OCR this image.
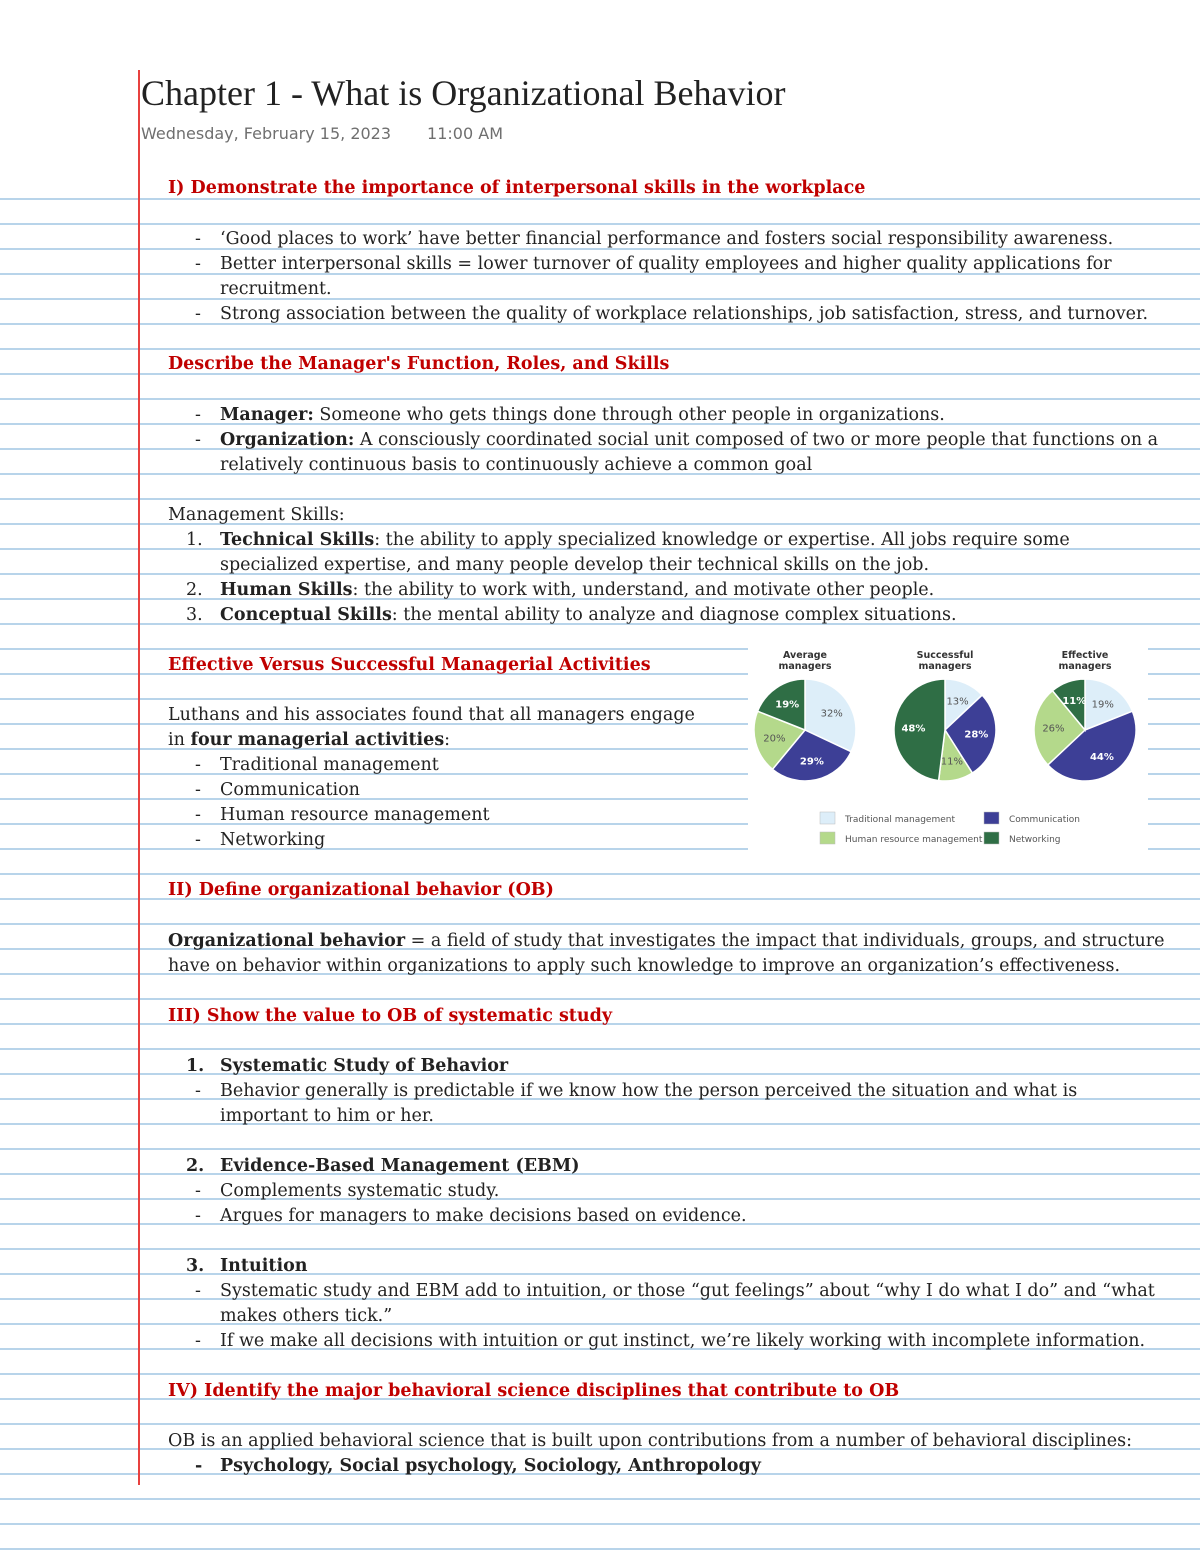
Chapter 1 - What is Organizational Behavior
Wednesday, February 15, 2023 11:00 AM
I) Demonstrate the importance of interpersonal skills in the workplace
- ‘Good places to work’ have better financial performance and fosters social responsibility awareness.
- Better interpersonal skills = lower turnover of quality employees and higher quality applications for
recruitment.
- Strong association between the quality of workplace relationships, job satisfaction, stress, and turnover.
Describe the Manager's Function, Roles, and Skills
- Manager: Someone who gets things done through other people in organizations.
- Organization: A consciously coordinated social unit composed of two or more people that functions on a
relatively continuous basis to continuously achieve a common goal
Management Skills:
1. Technical Skills: the ability to apply specialized knowledge or expertise. All jobs require some
specialized expertise, and many people develop their technical skills on the job.
2. Human Skills: the ability to work with, understand, and motivate other people.
3. Conceptual Skills: the mental ability to analyze and diagnose complex situations.
Effective Versus Successful Managerial Activities
Luthans and his associates found that all managers engage
in four managerial activities:
- Traditional management
- Communication
- Human resource management
- Networking
Average
managers
32%
29%
20%
19%
Successful
managers
13%
28%
11%
48%
Effective
managers
19%
44%
26%
11%
Traditional management	Communication
Human resource management	Networking
II) Define organizational behavior (OB)
Organizational behavior = a field of study that investigates the impact that individuals, groups, and structure
have on behavior within organizations to apply such knowledge to improve an organization’s effectiveness.
III) Show the value to OB of systematic study
1. Systematic Study of Behavior
- Behavior generally is predictable if we know how the person perceived the situation and what is
important to him or her.
2. Evidence-Based Management (EBM)
- Complements systematic study.
- Argues for managers to make decisions based on evidence.
3. Intuition
- Systematic study and EBM add to intuition, or those “gut feelings” about “why I do what I do” and “what
makes others tick.”
- If we make all decisions with intuition or gut instinct, we’re likely working with incomplete information.
IV) Identify the major behavioral science disciplines that contribute to OB
OB is an applied behavioral science that is built upon contributions from a number of behavioral disciplines:
- Psychology, Social psychology, Sociology, Anthropology
